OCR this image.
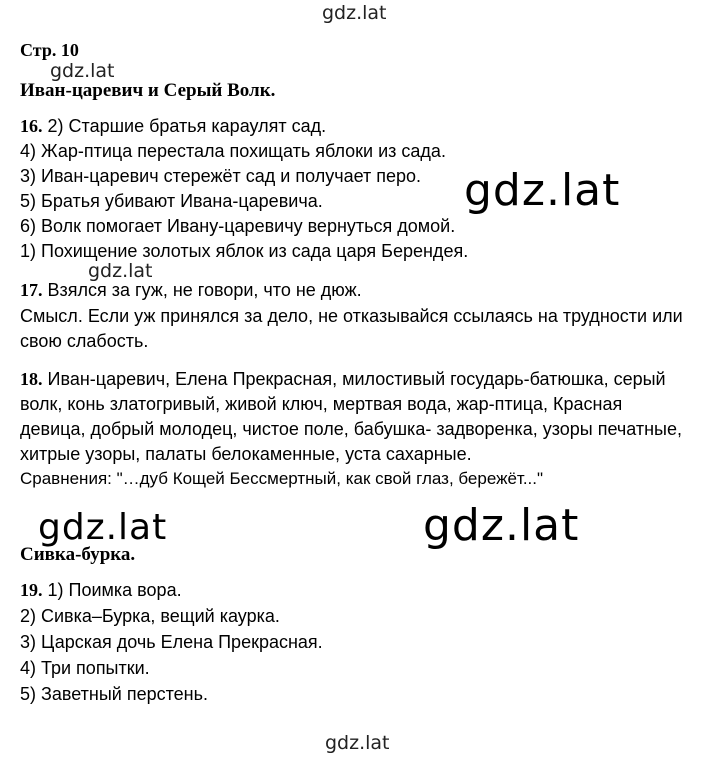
gdz.lat
gdz.lat
gdz.lat
gdz.lat
gdz.lat	gdz.lat
gdz.lat
Стр. 10
Иван-царевич и Серый Волк.
16. 2) Старшие братья караулят сад.
4) Жар-птица перестала похищать яблоки из сада.
3) Иван-царевич стережёт сад и получает перо.
5) Братья убивают Ивана-царевича.
6) Волк помогает Ивану-царевичу вернуться домой.
1) Похищение золотых яблок из сада царя Берендея.
17. Взялся за гуж, не говори, что не дюж.
Смысл. Если уж принялся за дело, не отказывайся ссылаясь на трудности или
свою слабость.
18. Иван-царевич, Елена Прекрасная, милостивый государь-батюшка, серый
волк, конь златогривый, живой ключ, мертвая вода, жар-птица, Красная
девица, добрый молодец, чистое поле, бабушка- задворенка, узоры печатные,
хитрые узоры, палаты белокаменные, уста сахарные.
Сравнения: "…дуб Кощей Бессмертный, как свой глаз, бережёт..."
Сивка-бурка.
19. 1) Поимка вора.
2) Сивка–Бурка, вещий каурка.
3) Царская дочь Елена Прекрасная.
4) Три попытки.
5) Заветный перстень.
